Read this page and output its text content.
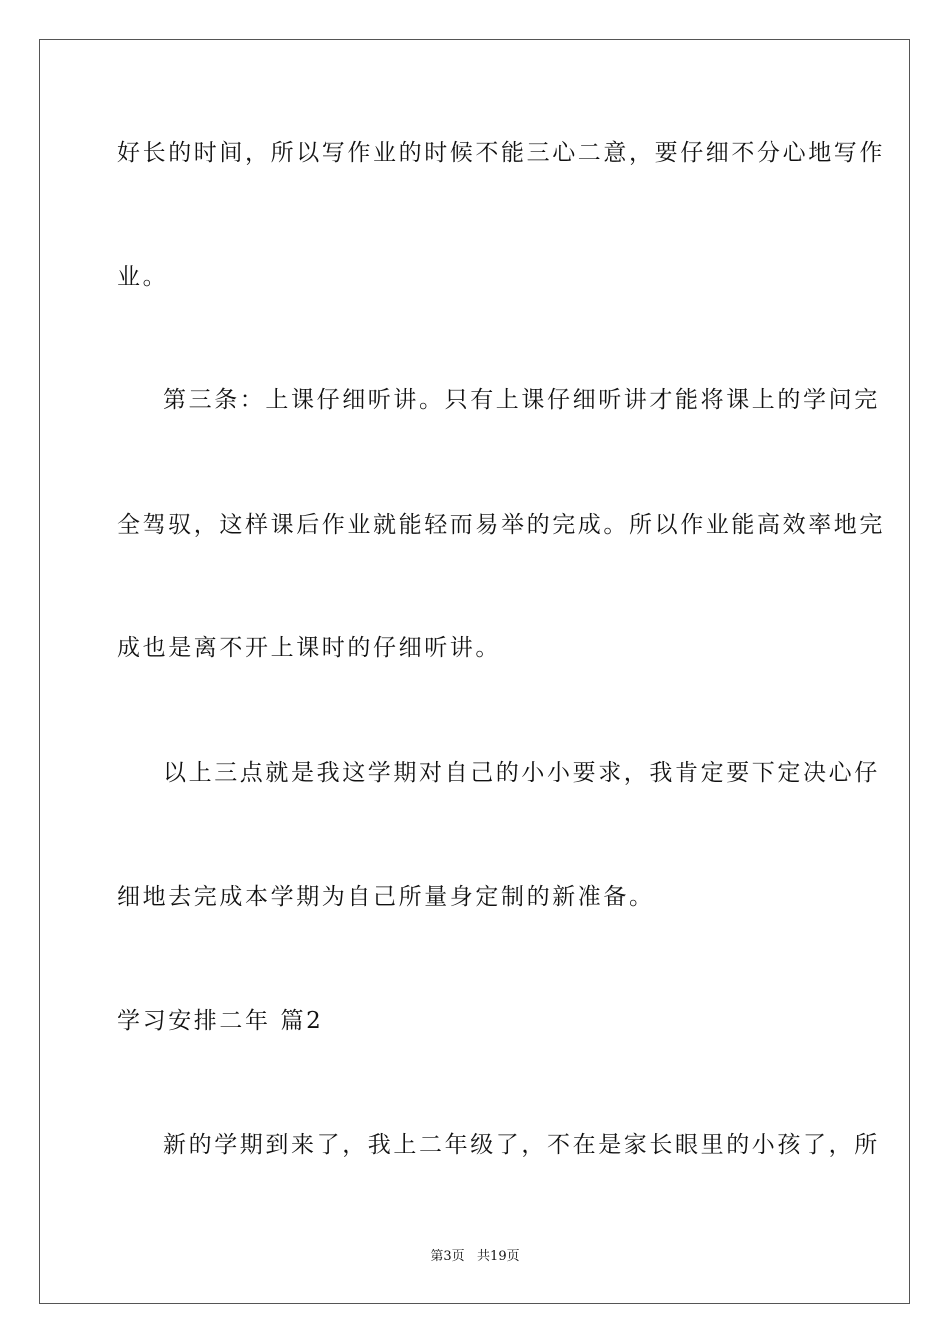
好长的时间，所以写作业的时候不能三心二意，要仔细不分心地写作
业。
第三条：上课仔细听讲。只有上课仔细听讲才能将课上的学问完
全驾驭，这样课后作业就能轻而易举的完成。所以作业能高效率地完
成也是离不开上课时的仔细听讲。
以上三点就是我这学期对自己的小小要求，我肯定要下定决心仔
细地去完成本学期为自己所量身定制的新准备。
学习安排二年 篇2
新的学期到来了，我上二年级了，不在是家长眼里的小孩了，所
第3页   共19页
